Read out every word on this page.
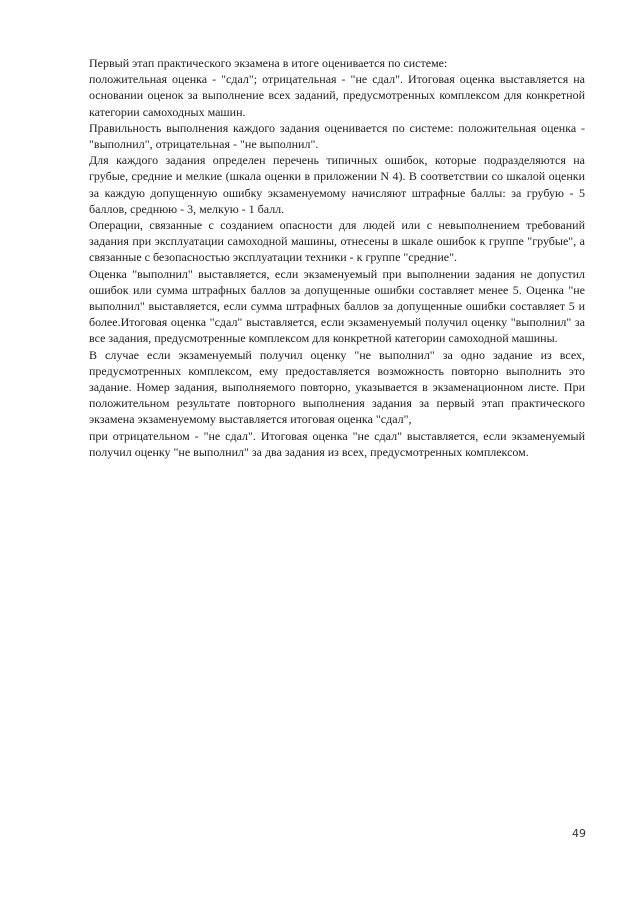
Первый этап практического экзамена в итоге оценивается по системе:

положительная оценка - "сдал"; отрицательная - "не сдал". Итоговая оценка выставляется на основании оценок за выполнение всех заданий, предусмотренных комплексом для конкретной категории самоходных машин.

Правильность выполнения каждого задания оценивается по системе: положительная оценка - "выполнил", отрицательная - "не выполнил".

Для каждого задания определен перечень типичных ошибок, которые подразделяются на грубые, средние и мелкие (шкала оценки в приложении N 4). В соответствии со шкалой оценки за каждую допущенную ошибку экзаменуемому начисляют штрафные баллы: за грубую - 5 баллов, среднюю - 3, мелкую - 1 балл.

Операции, связанные с созданием опасности для людей или с невыполнением требований задания при эксплуатации самоходной машины, отнесены в шкале ошибок к группе "грубые", а связанные с безопасностью эксплуатации техники - к группе "средние".

Оценка "выполнил" выставляется, если экзаменуемый при выполнении задания не допустил ошибок или сумма штрафных баллов за допущенные ошибки составляет менее 5. Оценка "не выполнил" выставляется, если сумма штрафных баллов за допущенные ошибки составляет 5 и более.Итоговая оценка "сдал" выставляется, если экзаменуемый получил оценку "выполнил" за все задания, предусмотренные комплексом для конкретной категории самоходной машины.

В случае если экзаменуемый получил оценку "не выполнил" за одно задание из всех, предусмотренных комплексом, ему предоставляется возможность повторно выполнить это задание. Номер задания, выполняемого повторно, указывается в экзаменационном листе. При положительном результате повторного выполнения задания за первый этап практического экзамена экзаменуемому выставляется итоговая оценка "сдал",

при отрицательном - "не сдал". Итоговая оценка "не сдал" выставляется, если экзаменуемый получил оценку "не выполнил" за два задания из всех, предусмотренных комплексом.

49
